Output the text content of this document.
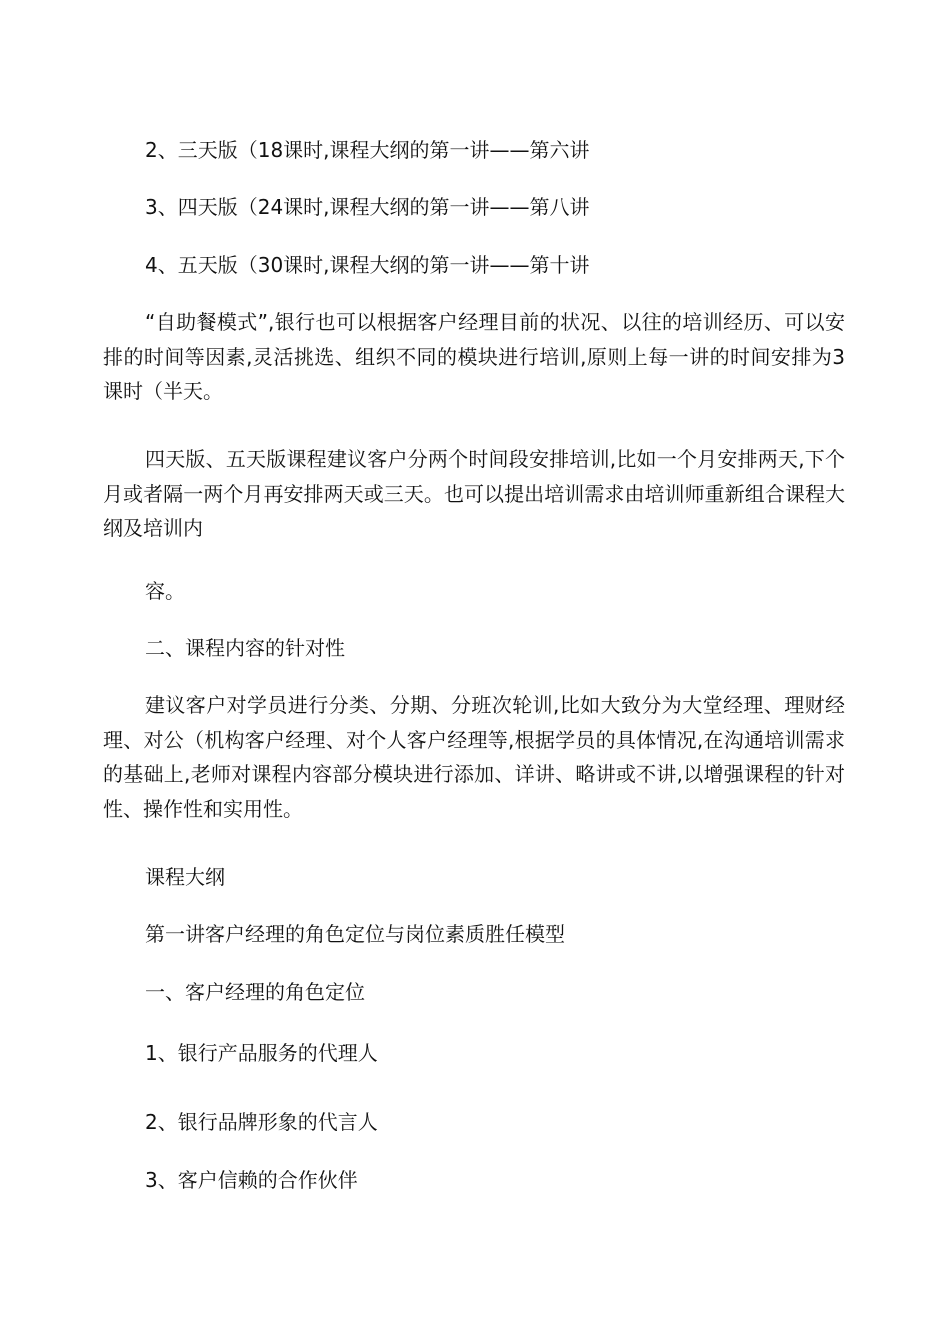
2、三天版（18课时,课程大纲的第一讲——第六讲

3、四天版（24课时,课程大纲的第一讲——第八讲

4、五天版（30课时,课程大纲的第一讲——第十讲

“自助餐模式”,银行也可以根据客户经理目前的状况、以往的培训经历、可以安排的时间等因素,灵活挑选、组织不同的模块进行培训,原则上每一讲的时间安排为3课时（半天。

四天版、五天版课程建议客户分两个时间段安排培训,比如一个月安排两天,下个月或者隔一两个月再安排两天或三天。也可以提出培训需求由培训师重新组合课程大纲及培训内

容。

二、课程内容的针对性

建议客户对学员进行分类、分期、分班次轮训,比如大致分为大堂经理、理财经理、对公（机构客户经理、对个人客户经理等,根据学员的具体情况,在沟通培训需求的基础上,老师对课程内容部分模块进行添加、详讲、略讲或不讲,以增强课程的针对性、操作性和实用性。

课程大纲

第一讲客户经理的角色定位与岗位素质胜任模型

一、客户经理的角色定位

1、银行产品服务的代理人

2、银行品牌形象的代言人

3、客户信赖的合作伙伴
